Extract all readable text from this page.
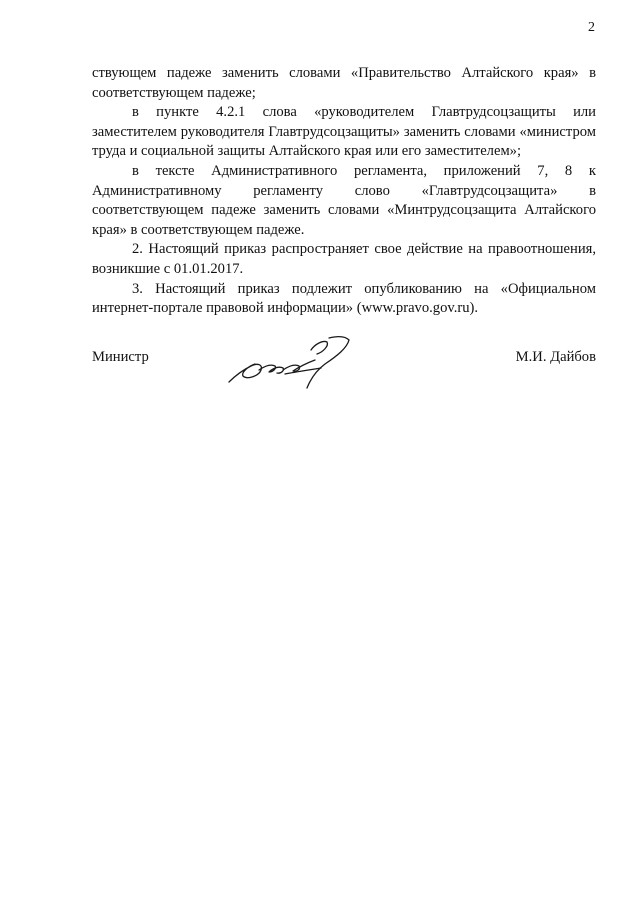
2

ствующем падеже заменить словами «Правительство Алтайского края» в соответствующем падеже;

в пункте 4.2.1 слова «руководителем Главтрудсоцзащиты или заместителем руководителя Главтрудсоцзащиты» заменить словами «министром труда и социальной защиты Алтайского края или его заместителем»;

в тексте Административного регламента, приложений 7, 8 к Административному регламенту слово «Главтрудсоцзащита» в соответствующем падеже заменить словами «Минтрудсоцзащита Алтайского края» в соответствующем падеже.

2. Настоящий приказ распространяет свое действие на правоотношения, возникшие с 01.01.2017.

3. Настоящий приказ подлежит опубликованию на «Официальном интернет-портале правовой информации» (www.pravo.gov.ru).

Министр	М.И. Дайбов
